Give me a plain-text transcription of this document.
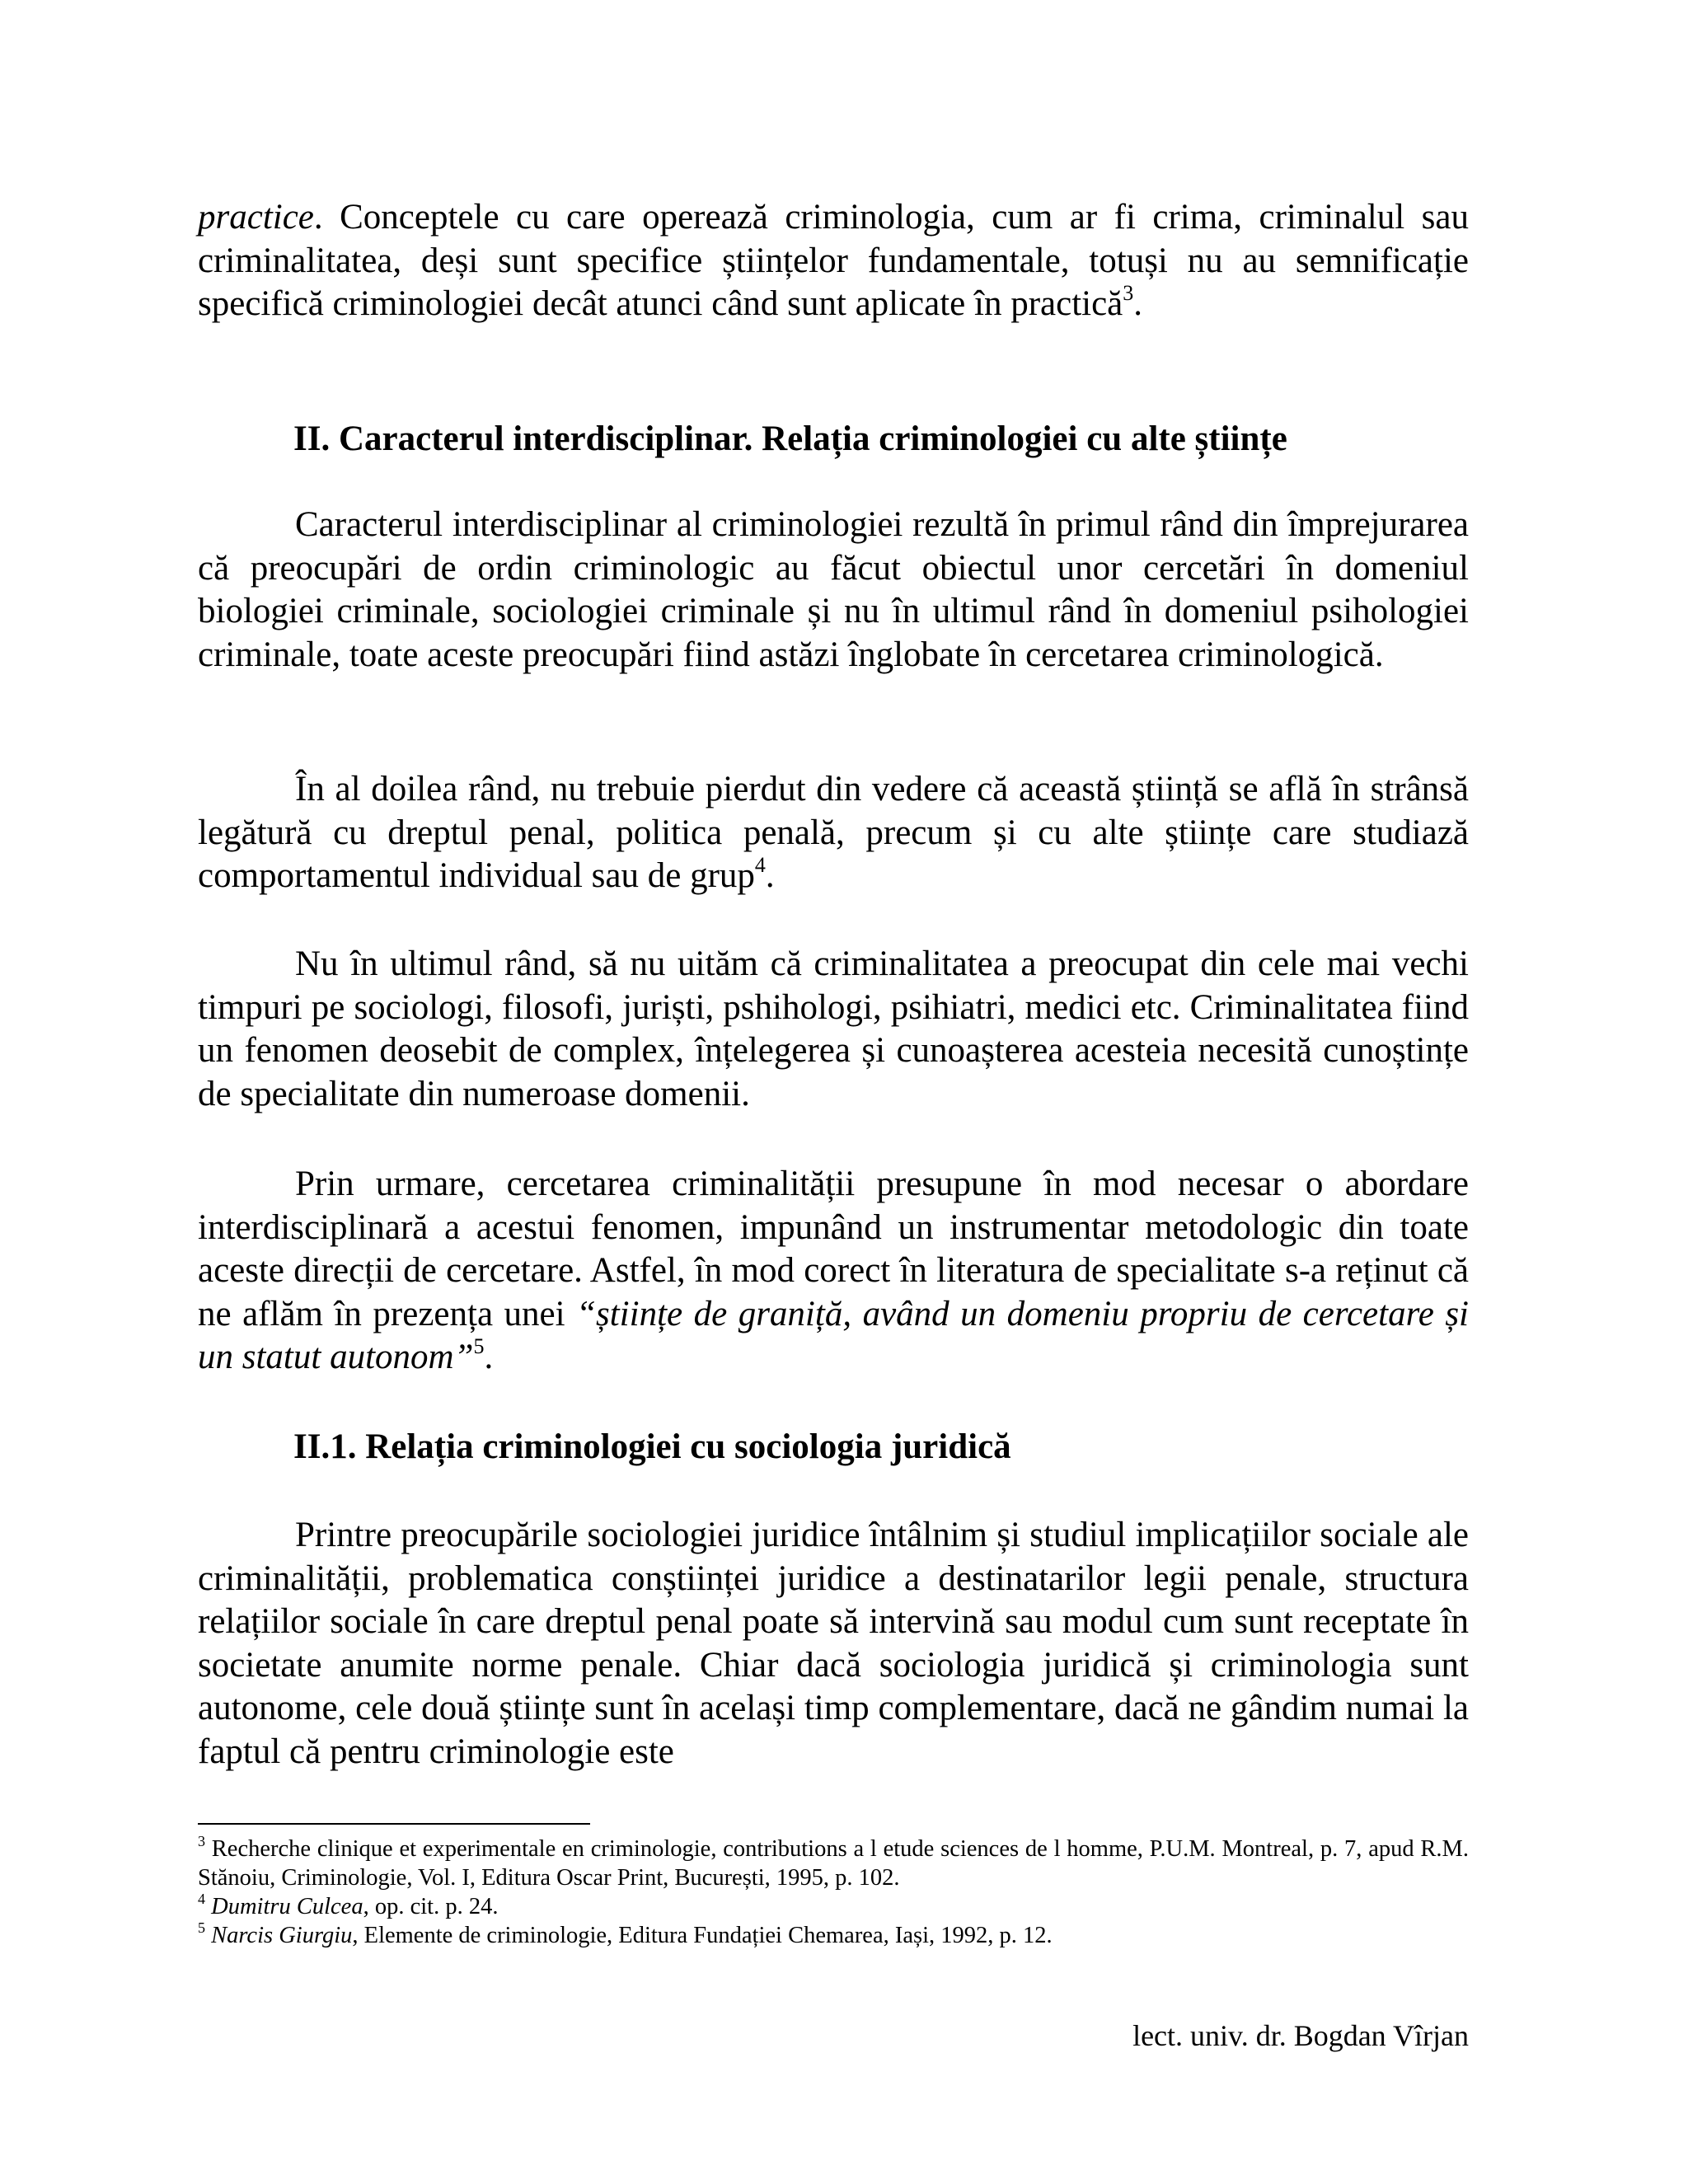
practice. Conceptele cu care operează criminologia, cum ar fi crima, criminalul sau criminalitatea, deși sunt specifice științelor fundamentale, totuși nu au semnificație specifică criminologiei decât atunci când sunt aplicate în practică$^3$.

II. Caracterul interdisciplinar. Relația criminologiei cu alte științe

Caracterul interdisciplinar al criminologiei rezultă în primul rând din împrejurarea că preocupări de ordin criminologic au făcut obiectul unor cercetări în domeniul biologiei criminale, sociologiei criminale și nu în ultimul rând în domeniul psihologiei criminale, toate aceste preocupări fiind astăzi înglobate în cercetarea criminologică.

În al doilea rând, nu trebuie pierdut din vedere că această știință se află în strânsă legătură cu dreptul penal, politica penală, precum și cu alte științe care studiază comportamentul individual sau de grup$^4$.

Nu în ultimul rând, să nu uităm că criminalitatea a preocupat din cele mai vechi timpuri pe sociologi, filosofi, juriști, pshihologi, psihiatri, medici etc. Criminalitatea fiind un fenomen deosebit de complex, înțelegerea și cunoașterea acesteia necesită cunoștințe de specialitate din numeroase domenii.

Prin urmare, cercetarea criminalității presupune în mod necesar o abordare interdisciplinară a acestui fenomen, impunând un instrumentar metodologic din toate aceste direcții de cercetare. Astfel, în mod corect în literatura de specialitate s-a reținut că ne aflăm în prezența unei “științe de graniță, având un domeniu propriu de cercetare și un statut autonom”$^5$.

II.1. Relația criminologiei cu sociologia juridică

Printre preocupările sociologiei juridice întâlnim și studiul implicațiilor sociale ale criminalității, problematica conștiinței juridice a destinatarilor legii penale, structura relațiilor sociale în care dreptul penal poate să intervină sau modul cum sunt receptate în societate anumite norme penale. Chiar dacă sociologia juridică și criminologia sunt autonome, cele două științe sunt în același timp complementare, dacă ne gândim numai la faptul că pentru criminologie este

$^3$ Recherche clinique et experimentale en criminologie, contributions a l etude sciences de l homme, P.U.M. Montreal, p. 7, apud R.M. Stănoiu, Criminologie, Vol. I, Editura Oscar Print, București, 1995, p. 102.

$^4$ Dumitru Culcea, op. cit. p. 24.

$^5$ Narcis Giurgiu, Elemente de criminologie, Editura Fundației Chemarea, Iași, 1992, p. 12.

lect. univ. dr. Bogdan Vîrjan
